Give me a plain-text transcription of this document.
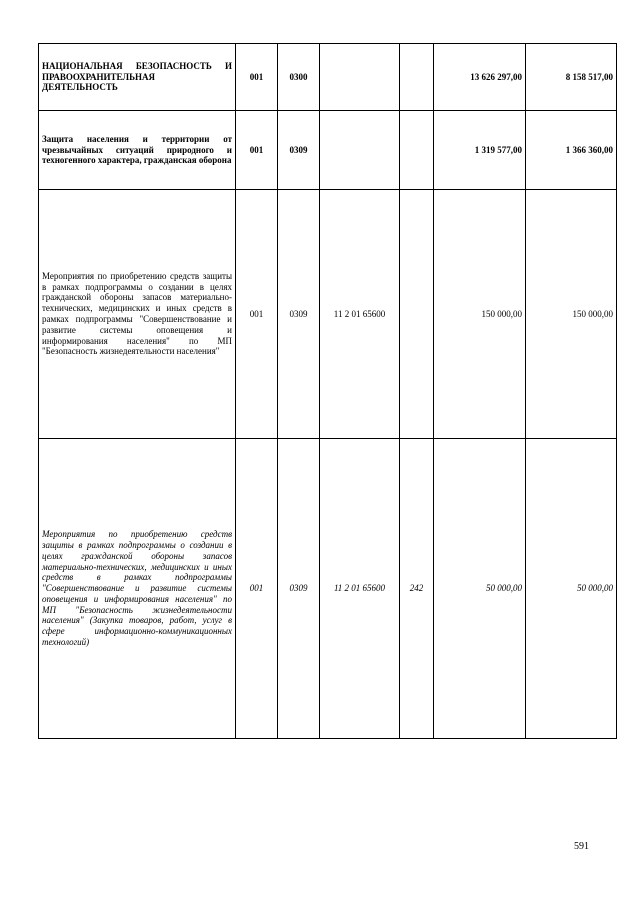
НАЦИОНАЛЬНАЯ БЕЗОПАСНОСТЬ И ПРАВООХРАНИТЕЛЬНАЯ ДЕЯТЕЛЬНОСТЬ	001	0300			13 626 297,00	8 158 517,00
Защита населения и территории от чрезвычайных ситуаций природного и техногенного характера, гражданская оборона	001	0309			1 319 577,00	1 366 360,00
Мероприятия по приобретению средств защиты в рамках подпрограммы о создании в целях гражданской обороны запасов материально-технических, медицинских и иных средств в рамках подпрограммы "Совершенствование и развитие системы оповещения и информирования населения" по МП "Безопасность жизнедеятельности населения"	001	0309	11 2 01 65600		150 000,00	150 000,00
Мероприятия по приобретению средств защиты в рамках подпрограммы о создании в целях гражданской обороны запасов материально-технических, медицинских и иных средств в рамках подпрограммы "Совершенствование и развитие системы оповещения и информирования населения" по МП "Безопасность жизнедеятельности населения" (Закупка товаров, работ, услуг в сфере информационно-коммуникационных технологий)	001	0309	11 2 01 65600	242	50 000,00	50 000,00
591
